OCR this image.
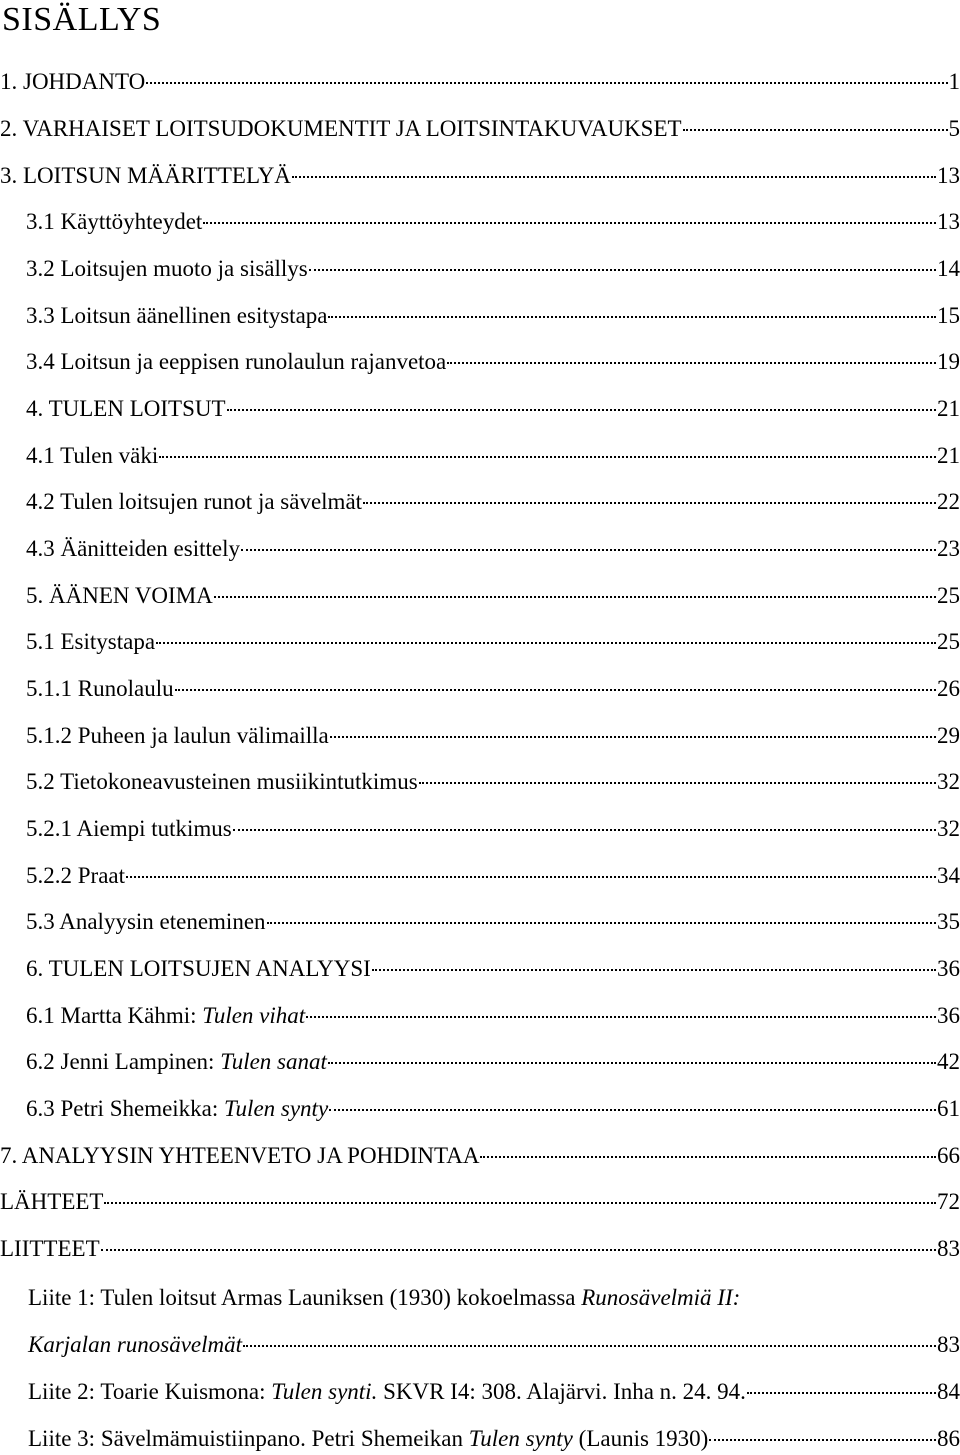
SISÄLLYS
1. JOHDANTO	1
2. VARHAISET LOITSUDOKUMENTIT JA LOITSINTAKUVAUKSET	5
3. LOITSUN MÄÄRITTELYÄ	13
3.1 Käyttöyhteydet	13
3.2 Loitsujen muoto ja sisällys	14
3.3 Loitsun äänellinen esitystapa	15
3.4 Loitsun ja eeppisen runolaulun rajanvetoa	19
4. TULEN LOITSUT	21
4.1 Tulen väki	21
4.2 Tulen loitsujen runot ja sävelmät	22
4.3 Äänitteiden esittely	23
5. ÄÄNEN VOIMA	25
5.1 Esitystapa	25
5.1.1 Runolaulu	26
5.1.2 Puheen ja laulun välimailla	29
5.2 Tietokoneavusteinen musiikintutkimus	32
5.2.1 Aiempi tutkimus	32
5.2.2 Praat	34
5.3 Analyysin eteneminen	35
6. TULEN LOITSUJEN ANALYYSI	36
6.1 Martta Kähmi: Tulen vihat	36
6.2 Jenni Lampinen: Tulen sanat	42
6.3 Petri Shemeikka: Tulen synty	61
7. ANALYYSIN YHTEENVETO JA POHDINTAA	66
LÄHTEET	72
LIITTEET	83
Liite 1: Tulen loitsut Armas Launiksen (1930) kokoelmassa Runosävelmiä II:
Karjalan runosävelmät	83
Liite 2: Toarie Kuismona: Tulen synti. SKVR I4: 308. Alajärvi. Inha n. 24. 94.	84
Liite 3: Sävelmämuistiinpano. Petri Shemeikan Tulen synty (Launis 1930)	86
